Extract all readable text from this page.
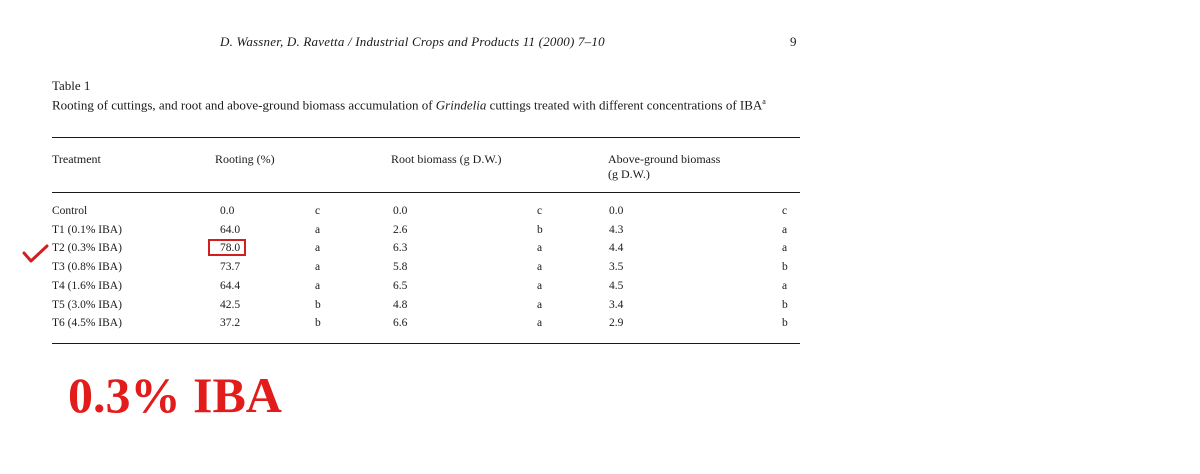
D. Wassner, D. Ravetta / Industrial Crops and Products 11 (2000) 7–10	9
Table 1
Rooting of cuttings, and root and above-ground biomass accumulation of Grindelia cuttings treated with different concentrations of IBA$^a$
Treatment	Rooting (%)	Root biomass (g D.W.)	Above-ground biomass
(g D.W.)
Control	0.0	c	0.0	c	0.0	c
T1 (0.1% IBA)	64.0	a	2.6	b	4.3	a
T2 (0.3% IBA)	78.0	a	6.3	a	4.4	a
T3 (0.8% IBA)	73.7	a	5.8	a	3.5	b
T4 (1.6% IBA)	64.4	a	6.5	a	4.5	a
T5 (3.0% IBA)	42.5	b	4.8	a	3.4	b
T6 (4.5% IBA)	37.2	b	6.6	a	2.9	b
0.3% IBA
